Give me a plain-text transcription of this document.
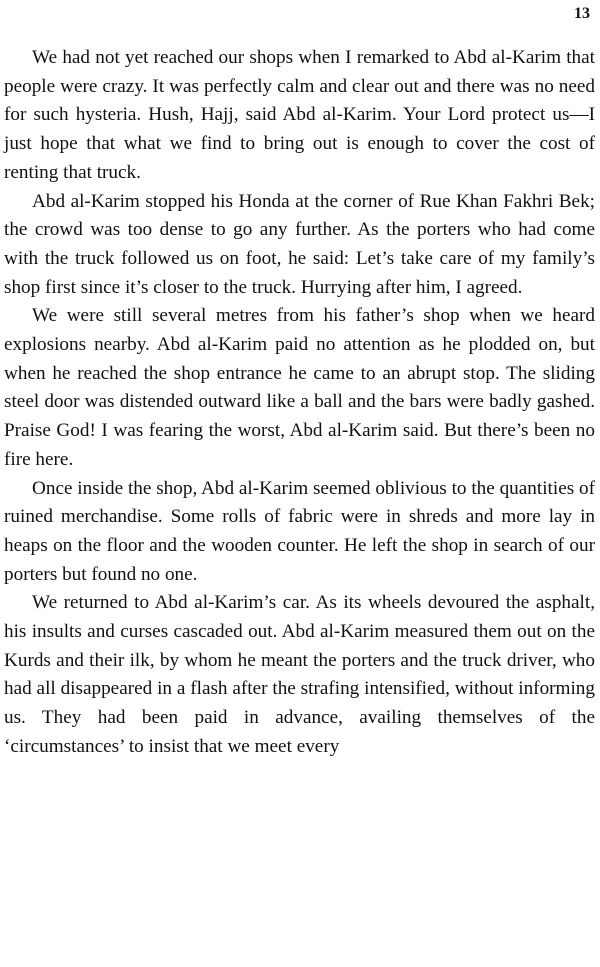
13

We had not yet reached our shops when I remarked to Abd al-Karim that people were crazy. It was perfectly calm and clear out and there was no need for such hysteria. Hush, Hajj, said Abd al-Karim. Your Lord protect us—I just hope that what we find to bring out is enough to cover the cost of renting that truck.

Abd al-Karim stopped his Honda at the corner of Rue Khan Fakhri Bek; the crowd was too dense to go any further. As the porters who had come with the truck followed us on foot, he said: Let’s take care of my family’s shop first since it’s closer to the truck. Hurrying after him, I agreed.

We were still several metres from his father’s shop when we heard explosions nearby. Abd al-Karim paid no attention as he plodded on, but when he reached the shop entrance he came to an abrupt stop. The sliding steel door was distended outward like a ball and the bars were badly gashed. Praise God! I was fearing the worst, Abd al-Karim said. But there’s been no fire here.

Once inside the shop, Abd al-Karim seemed oblivious to the quantities of ruined merchandise. Some rolls of fabric were in shreds and more lay in heaps on the floor and the wooden counter. He left the shop in search of our porters but found no one.

We returned to Abd al-Karim’s car. As its wheels devoured the asphalt, his insults and curses cascaded out. Abd al-Karim measured them out on the Kurds and their ilk, by whom he meant the porters and the truck driver, who had all disappeared in a flash after the strafing intensified, without informing us. They had been paid in advance, availing themselves of the ‘circumstances’ to insist that we meet every
